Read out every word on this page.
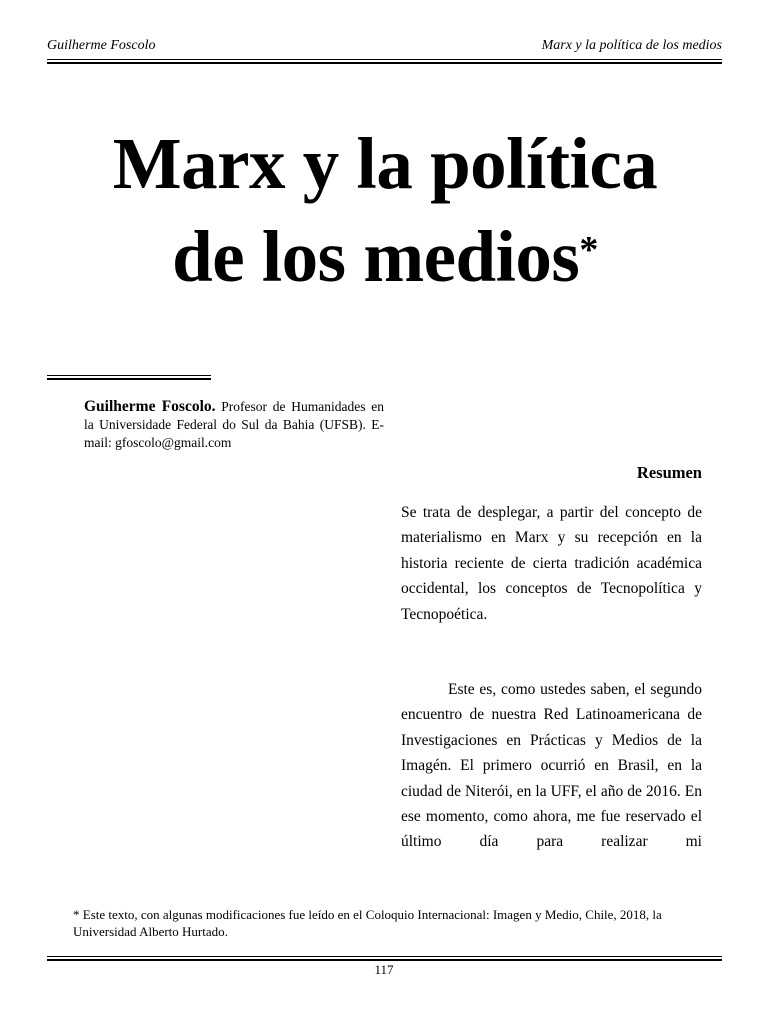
Guilherme Foscolo	Marx y la política de los medios
Marx y la política
de los medios*
Guilherme Foscolo. Profesor de Humanidades en la Universidade Federal do Sul da Bahia (UFSB). E-mail: gfoscolo@gmail.com
Resumen
Se trata de desplegar, a partir del concepto de materialismo en Marx y su recepción en la historia reciente de cierta tradición académica occidental, los conceptos de Tecnopolítica y Tecnopoética.
Este es, como ustedes saben, el segundo encuentro de nuestra Red Latinoamericana de Investigaciones en Prácticas y Medios de la Imagén. El primero ocurrió en Brasil, en la ciudad de Niterói, en la UFF, el año de 2016. En ese momento, como ahora, me fue reservado el último día para realizar mi
* Este texto, con algunas modificaciones fue leído en el Coloquio Internacional: Imagen y Medio, Chile, 2018, la Universidad Alberto Hurtado.
117
